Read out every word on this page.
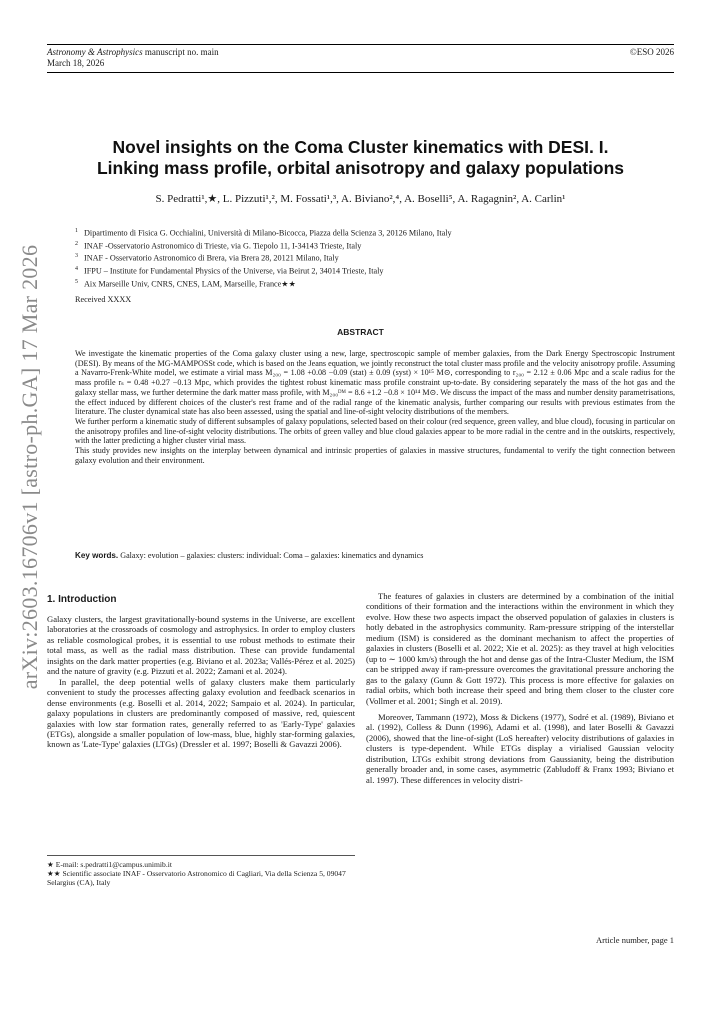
Astronomy & Astrophysics manuscript no. main
March 18, 2026
©ESO 2026
arXiv:2603.16706v1 [astro-ph.GA] 17 Mar 2026
Novel insights on the Coma Cluster kinematics with DESI. I.
Linking mass profile, orbital anisotropy and galaxy populations
S. Pedratti¹,★, L. Pizzuti¹,², M. Fossati¹,³, A. Biviano²,⁴, A. Boselli⁵, A. Ragagnin², A. Carlin¹
$^1$ Dipartimento di Fisica G. Occhialini, Università di Milano-Bicocca, Piazza della Scienza 3, 20126 Milano, Italy
$^2$ INAF -Osservatorio Astronomico di Trieste, via G. Tiepolo 11, I-34143 Trieste, Italy
$^3$ INAF - Osservatorio Astronomico di Brera, via Brera 28, 20121 Milano, Italy
$^4$ IFPU – Institute for Fundamental Physics of the Universe, via Beirut 2, 34014 Trieste, Italy
$^5$ Aix Marseille Univ, CNRS, CNES, LAM, Marseille, France★★
Received XXXX
ABSTRACT

We investigate the kinematic properties of the Coma galaxy cluster using a new, large, spectroscopic sample of member galaxies, from the Dark Energy Spectroscopic Instrument (DESI). By means of the MG-MAMPOSSt code, which is based on the Jeans equation, we jointly reconstruct the total cluster mass profile and the velocity anisotropy profile. Assuming a Navarro-Frenk-White model, we estimate a virial mass M₂₀₀ = 1.08 +0.08 −0.09 (stat) ± 0.09 (syst) × 10¹⁵ M⊙, corresponding to r₂₀₀ = 2.12 ± 0.06 Mpc and a scale radius for the mass profile rₛ = 0.48 +0.27 −0.13 Mpc, which provides the tightest robust kinematic mass profile constraint up-to-date. By considering separately the mass of the hot gas and the galaxy stellar mass, we further determine the dark matter mass profile, with M₂₀₀ᴰᴹ = 8.6 +1.2 −0.8 × 10¹⁴ M⊙. We discuss the impact of the mass and number density parametrisations, the effect induced by different choices of the cluster's rest frame and of the radial range of the kinematic analysis, further comparing our results with previous estimates from the literature. The cluster dynamical state has also been assessed, using the spatial and line-of-sight velocity distributions of the members.

We further perform a kinematic study of different subsamples of galaxy populations, selected based on their colour (red sequence, green valley, and blue cloud), focusing in particular on the anisotropy profiles and line-of-sight velocity distributions. The orbits of green valley and blue cloud galaxies appear to be more radial in the centre and in the outskirts, respectively, with the latter predicting a higher cluster virial mass.

This study provides new insights on the interplay between dynamical and intrinsic properties of galaxies in massive structures, fundamental to verify the tight connection between galaxy evolution and their environment.

Key words. Galaxy: evolution – galaxies: clusters: individual: Coma – galaxies: kinematics and dynamics
1. Introduction

Galaxy clusters, the largest gravitationally-bound systems in the Universe, are excellent laboratories at the crossroads of cosmology and astrophysics. In order to employ clusters as reliable cosmological probes, it is essential to use robust methods to estimate their total mass, as well as the radial mass distribution. These can provide fundamental insights on the dark matter properties (e.g. Biviano et al. 2023a; Vallés-Pérez et al. 2025) and the nature of gravity (e.g. Pizzuti et al. 2022; Zamani et al. 2024).

In parallel, the deep potential wells of galaxy clusters make them particularly convenient to study the processes affecting galaxy evolution and feedback scenarios in dense environments (e.g. Boselli et al. 2014, 2022; Sampaio et al. 2024). In particular, galaxy populations in clusters are predominantly composed of massive, red, quiescent galaxies with low star formation rates, generally referred to as 'Early-Type' galaxies (ETGs), alongside a smaller population of low-mass, blue, highly star-forming galaxies, known as 'Late-Type' galaxies (LTGs) (Dressler et al. 1997; Boselli & Gavazzi 2006).

The features of galaxies in clusters are determined by a combination of the initial conditions of their formation and the interactions within the environment in which they evolve. How these two aspects impact the observed population of galaxies in clusters is hotly debated in the astrophysics community. Ram-pressure stripping of the interstellar medium (ISM) is considered as the dominant mechanism to affect the properties of galaxies in clusters (Boselli et al. 2022; Xie et al. 2025): as they travel at high velocities (up to ∼ 1000 km/s) through the hot and dense gas of the Intra-Cluster Medium, the ISM can be stripped away if ram-pressure overcomes the gravitational pressure anchoring the gas to the galaxy (Gunn & Gott 1972). This process is more effective for galaxies on radial orbits, which both increase their speed and bring them closer to the cluster core (Vollmer et al. 2001; Singh et al. 2019).

Moreover, Tammann (1972), Moss & Dickens (1977), Sodré et al. (1989), Biviano et al. (1992), Colless & Dunn (1996), Adami et al. (1998), and later Boselli & Gavazzi (2006), showed that the line-of-sight (LoS hereafter) velocity distributions of galaxies in clusters is type-dependent. While ETGs display a virialised Gaussian velocity distribution, LTGs exhibit strong deviations from Gaussianity, being the distribution generally broader and, in some cases, asymmetric (Zabludoff & Franx 1993; Biviano et al. 1997). These differences in velocity distri-

★ E-mail: s.pedratti1@campus.unimib.it
★★ Scientific associate INAF - Osservatorio Astronomico di Cagliari, Via della Scienza 5, 09047 Selargius (CA), Italy
Article number, page 1
